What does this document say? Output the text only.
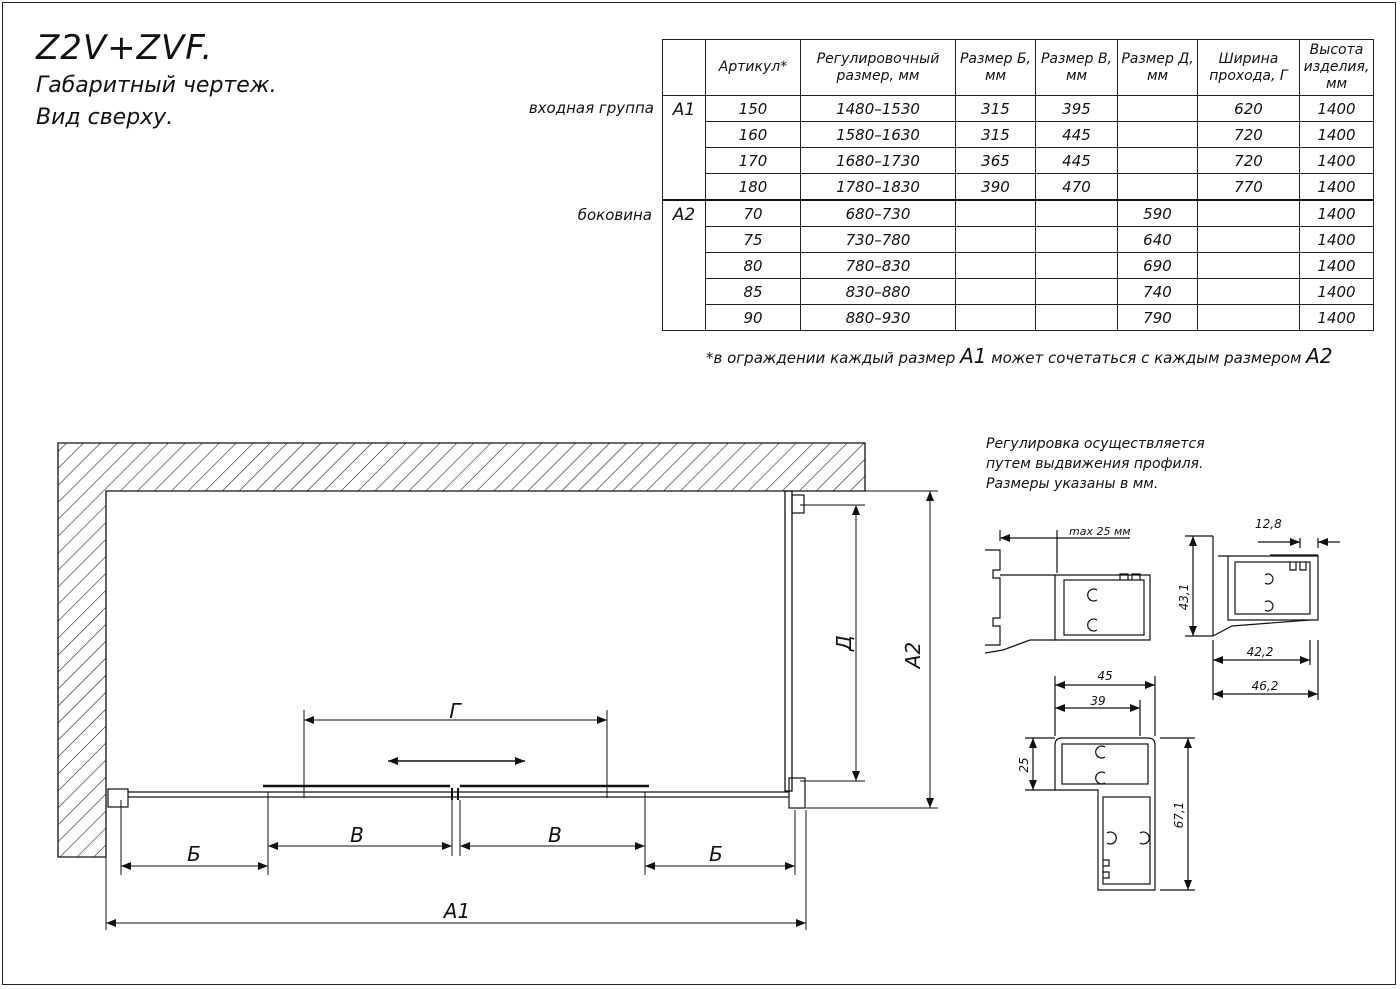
Z2V+ZVF.
Габаритный чертеж.
Вид сверху.	входная группа
боковина
	Артикул*	Регулировочный размер, мм	Размер Б, мм	Размер В, мм	Размер Д, мм	Ширина прохода, Г	Высота изделия, мм
A1	150	1480–1530	315	395		620	1400
	160	1580–1630	315	445		720	1400
	170	1680–1730	365	445		720	1400
	180	1780–1830	390	470		770	1400
A2	70	680–730			590		1400
	75	730–780			640		1400
	80	780–830			690		1400
	85	830–880			740		1400
	90	880–930			790		1400
*в ограждении каждый размер A1 может сочетаться с каждым размером A2
Регулировка осуществляется
путем выдвижения профиля.
Размеры указаны в мм.
Г
Б
В	В
Б
A1
Д A2
max 25 мм
12,8
43,1
42,2
46,2
45
39
25
67,1
